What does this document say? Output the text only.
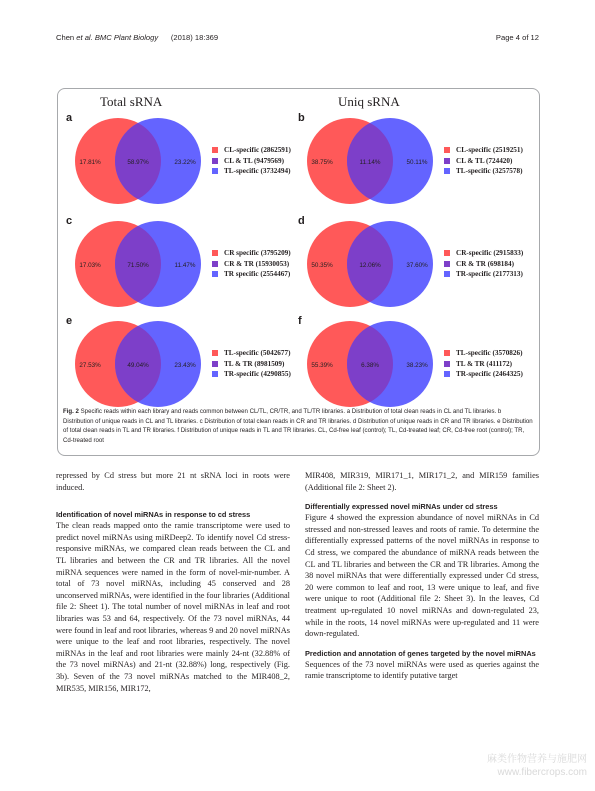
Chen et al. BMC Plant Biology (2018) 18:369	Page 4 of 12
Total sRNA	Uniq sRNA
a
17.81%	58.97%	23.22%
CL-specific (2862591)
CL & TL (9479569)
TL-specific (3732494)
b
38.75%	11.14%	50.11%
CL-specific (2519251)
CL & TL (724420)
TL-specific (3257578)
c
17.03%	71.50%	11.47%
CR specific (3795209)
CR & TR (15930053)
TR specific (2554467)
d
50.35%	12.06%	37.60%
CR-specific (2915833)
CR & TR (698184)
TR-specific (2177313)
e
27.53%	49.04%	23.43%
TL-specific (5042677)
TL & TR (8981509)
TR-specific (4290855)
f
55.39%	6.38%	38.23%
TL-specific (3570826)
TL & TR (411172)
TR-specific (2464325)
Fig. 2 Specific reads within each library and reads common between CL/TL, CR/TR, and TL/TR libraries. a Distribution of total clean reads in CL and TL libraries. b Distribution of unique reads in CL and TL libraries. c Distribution of total clean reads in CR and TR libraries. d Distribution of unique reads in CR and TR libraries. e Distribution of total clean reads in TL and TR libraries. f Distribution of unique reads in TL and TR libraries. CL, Cd-free leaf (control); TL, Cd-treated leaf; CR, Cd-free root (control); TR, Cd-treated root

repressed by Cd stress but more 21 nt sRNA loci in roots were induced.

Identification of novel miRNAs in response to cd stress

The clean reads mapped onto the ramie transcriptome were used to predict novel miRNAs using miRDeep2. To identify novel Cd stress-responsive miRNAs, we compared clean reads between the CL and TL libraries and between the CR and TR libraries. All the novel miRNA sequences were named in the form of novel-mir-number. A total of 73 novel miRNAs, including 45 conserved and 28 unconserved miRNAs, were identified in the four libraries (Additional file 2: Sheet 1). The total number of novel miRNAs in leaf and root libraries was 53 and 64, respectively. Of the 73 novel miRNAs, 44 were found in leaf and root libraries, whereas 9 and 20 novel miRNAs were unique to the leaf and root libraries, respectively. The novel miRNAs in the leaf and root libraries were mainly 24-nt (32.88% of the 73 novel miRNAs) and 21-nt (32.88%) long, respectively (Fig. 3b). Seven of the 73 novel miRNAs matched to the MIR408_2, MIR535, MIR156, MIR172,

MIR408, MIR319, MIR171_1, MIR171_2, and MIR159 families (Additional file 2: Sheet 2).

Differentially expressed novel miRNAs under cd stress

Figure 4 showed the expression abundance of novel miRNAs in Cd stressed and non-stressed leaves and roots of ramie. To determine the differentially expressed patterns of the novel miRNAs in response to Cd stress, we compared the abundance of miRNA reads between the CL and TL libraries and between the CR and TR libraries. Among the 38 novel miRNAs that were differentially expressed under Cd stress, 20 were common to leaf and root, 13 were unique to leaf, and five were unique to root (Additional file 2: Sheet 3). In the leaves, Cd treatment up-regulated 10 novel miRNAs and down-regulated 23, while in the roots, 14 novel miRNAs were up-regulated and 11 were down-regulated.

Prediction and annotation of genes targeted by the novel miRNAs

Sequences of the 73 novel miRNAs were used as queries against the ramie transcriptome to identify putative target

麻类作物营养与施肥网
www.fibercrops.com
